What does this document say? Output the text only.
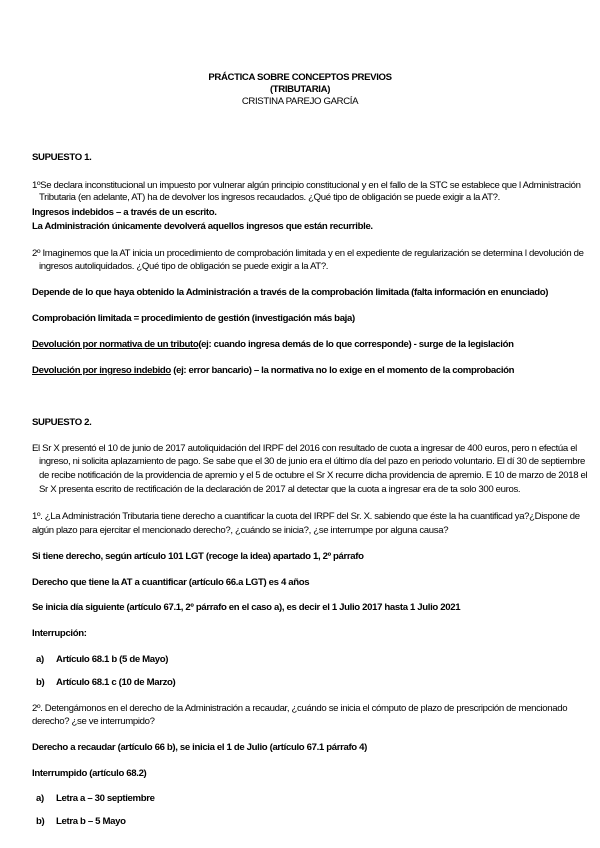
PRÁCTICA SOBRE CONCEPTOS PREVIOS
(TRIBUTARIA)
CRISTINA PAREJO GARCÍA
SUPUESTO 1.
1ºSe declara inconstitucional un impuesto por vulnerar algún principio constitucional y en el fallo de la STC se establece que l Administración
Tributaria (en adelante, AT) ha de devolver los ingresos recaudados. ¿Qué tipo de obligación se puede exigir a la AT?.
Ingresos indebidos – a través de un escrito.
La Administración únicamente devolverá aquellos ingresos que están recurrible.
2º Imaginemos que la AT inicia un procedimiento de comprobación limitada y en el expediente de regularización se determina l devolución de
ingresos autoliquidados. ¿Qué tipo de obligación se puede exigir a la AT?.
Depende de lo que haya obtenido la Administración a través de la comprobación limitada (falta información en enunciado)
Comprobación limitada = procedimiento de gestión (investigación más baja)
Devolución por normativa de un tributo(ej: cuando ingresa demás de lo que corresponde) - surge de la legislación
Devolución por ingreso indebido (ej: error bancario) – la normativa no lo exige en el momento de la comprobación
SUPUESTO 2.
El Sr X presentó el 10 de junio de 2017 autoliquidación del IRPF del 2016 con resultado de cuota a ingresar de 400 euros, pero n efectúa el
ingreso, ni solicita aplazamiento de pago. Se sabe que el 30 de junio era el último día del pazo en periodo voluntario. El dí 30 de septiembre
de recibe notificación de la providencia de apremio y el 5 de octubre el Sr X recurre dicha providencia de apremio. E 10 de marzo de 2018 el
Sr X presenta escrito de rectificación de la declaración de 2017 al detectar que la cuota a ingresar era de ta solo 300 euros.
1º. ¿La Administración Tributaria tiene derecho a cuantificar la cuota del IRPF del Sr. X. sabiendo que éste la ha cuantificad ya?¿Dispone de
algún plazo para ejercitar el mencionado derecho?, ¿cuándo se inicia?, ¿se interrumpe por alguna causa?
Si tiene derecho, según artículo 101 LGT (recoge la idea) apartado 1, 2º párrafo
Derecho que tiene la AT a cuantificar (artículo 66.a LGT) es 4 años
Se inicia día siguiente (artículo 67.1, 2º párrafo en el caso a), es decir el 1 Julio 2017 hasta 1 Julio 2021
Interrupción:
a) Artículo 68.1 b (5 de Mayo)
b) Artículo 68.1 c (10 de Marzo)
2º. Detengámonos en el derecho de la Administración a recaudar, ¿cuándo se inicia el cómputo de plazo de prescripción de mencionado
derecho? ¿se ve interrumpido?
Derecho a recaudar (artículo 66 b), se inicia el 1 de Julio (artículo 67.1 párrafo 4)
Interrumpido (artículo 68.2)
a) Letra a – 30 septiembre
b) Letra b – 5 Mayo
